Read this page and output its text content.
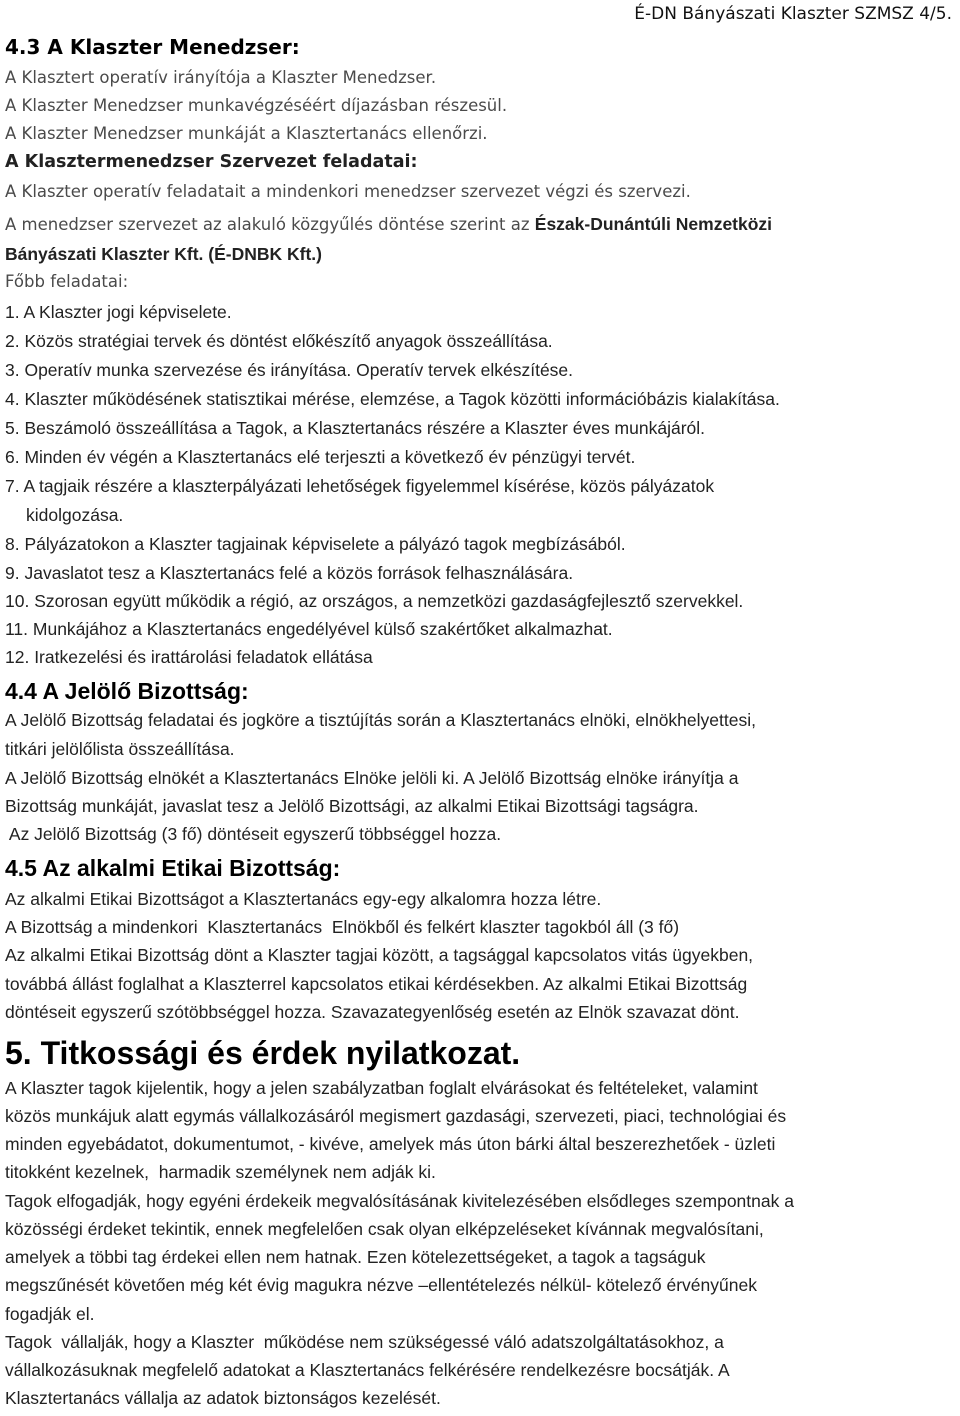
É-DN Bányászati Klaszter SZMSZ 4/5.
4.3 A Klaszter Menedzser:
A Klasztert operatív irányítója a Klaszter Menedzser.
A Klaszter Menedzser munkavégzéséért díjazásban részesül.
A Klaszter Menedzser munkáját a Klasztertanács ellenőrzi.
A Klasztermenedzser Szervezet feladatai:
A Klaszter operatív feladatait a mindenkori menedzser szervezet végzi és szervezi.
A menedzser szervezet az alakuló közgyűlés döntése szerint az Észak-Dunántúli Nemzetközi
Bányászati Klaszter Kft. (É-DNBK Kft.)
Főbb feladatai:
1. A Klaszter jogi képviselete.
2. Közös stratégiai tervek és döntést előkészítő anyagok összeállítása.
3. Operatív munka szervezése és irányítása. Operatív tervek elkészítése.
4. Klaszter működésének statisztikai mérése, elemzése, a Tagok közötti információbázis kialakítása.
5. Beszámoló összeállítása a Tagok, a Klasztertanács részére a Klaszter éves munkájáról.
6. Minden év végén a Klasztertanács elé terjeszti a következő év pénzügyi tervét.
7. A tagjaik részére a klaszterpályázati lehetőségek figyelemmel kísérése, közös pályázatok
kidolgozása.
8. Pályázatokon a Klaszter tagjainak képviselete a pályázó tagok megbízásából.
9. Javaslatot tesz a Klasztertanács felé a közös források felhasználására.
10. Szorosan együtt működik a régió, az országos, a nemzetközi gazdaságfejlesztő szervekkel.
11. Munkájához a Klasztertanács engedélyével külső szakértőket alkalmazhat.
12. Iratkezelési és irattárolási feladatok ellátása
4.4 A Jelölő Bizottság:
A Jelölő Bizottság feladatai és jogköre a tisztújítás során a Klasztertanács elnöki, elnökhelyettesi,
titkári jelölőlista összeállítása.
A Jelölő Bizottság elnökét a Klasztertanács Elnöke jelöli ki. A Jelölő Bizottság elnöke irányítja a
Bizottság munkáját, javaslat tesz a Jelölő Bizottsági, az alkalmi Etikai Bizottsági tagságra.
Az Jelölő Bizottság (3 fő) döntéseit egyszerű többséggel hozza.
4.5 Az alkalmi Etikai Bizottság:
Az alkalmi Etikai Bizottságot a Klasztertanács egy-egy alkalomra hozza létre.
A Bizottság a mindenkori  Klasztertanács  Elnökből és felkért klaszter tagokból áll (3 fő)
Az alkalmi Etikai Bizottság dönt a Klaszter tagjai között, a tagsággal kapcsolatos vitás ügyekben,
továbbá állást foglalhat a Klaszterrel kapcsolatos etikai kérdésekben. Az alkalmi Etikai Bizottság
döntéseit egyszerű szótöbbséggel hozza. Szavazategyenlőség esetén az Elnök szavazat dönt.
5. Titkossági és érdek nyilatkozat.
A Klaszter tagok kijelentik, hogy a jelen szabályzatban foglalt elvárásokat és feltételeket, valamint
közös munkájuk alatt egymás vállalkozásáról megismert gazdasági, szervezeti, piaci, technológiai és
minden egyebádatot, dokumentumot, - kivéve, amelyek más úton bárki által beszerezhetőek - üzleti
titokként kezelnek,  harmadik személynek nem adják ki.
Tagok elfogadják, hogy egyéni érdekeik megvalósításának kivitelezésében elsődleges szempontnak a
közösségi érdeket tekintik, ennek megfelelően csak olyan elképzeléseket kívánnak megvalósítani,
amelyek a többi tag érdekei ellen nem hatnak. Ezen kötelezettségeket, a tagok a tagságuk
megszűnését követően még két évig magukra nézve –ellentételezés nélkül- kötelező érvényűnek
fogadják el.
Tagok  vállalják, hogy a Klaszter  működése nem szükségessé váló adatszolgáltatásokhoz, a
vállalkozásuknak megfelelő adatokat a Klasztertanács felkérésére rendelkezésre bocsátják. A
Klasztertanács vállalja az adatok biztonságos kezelését.
